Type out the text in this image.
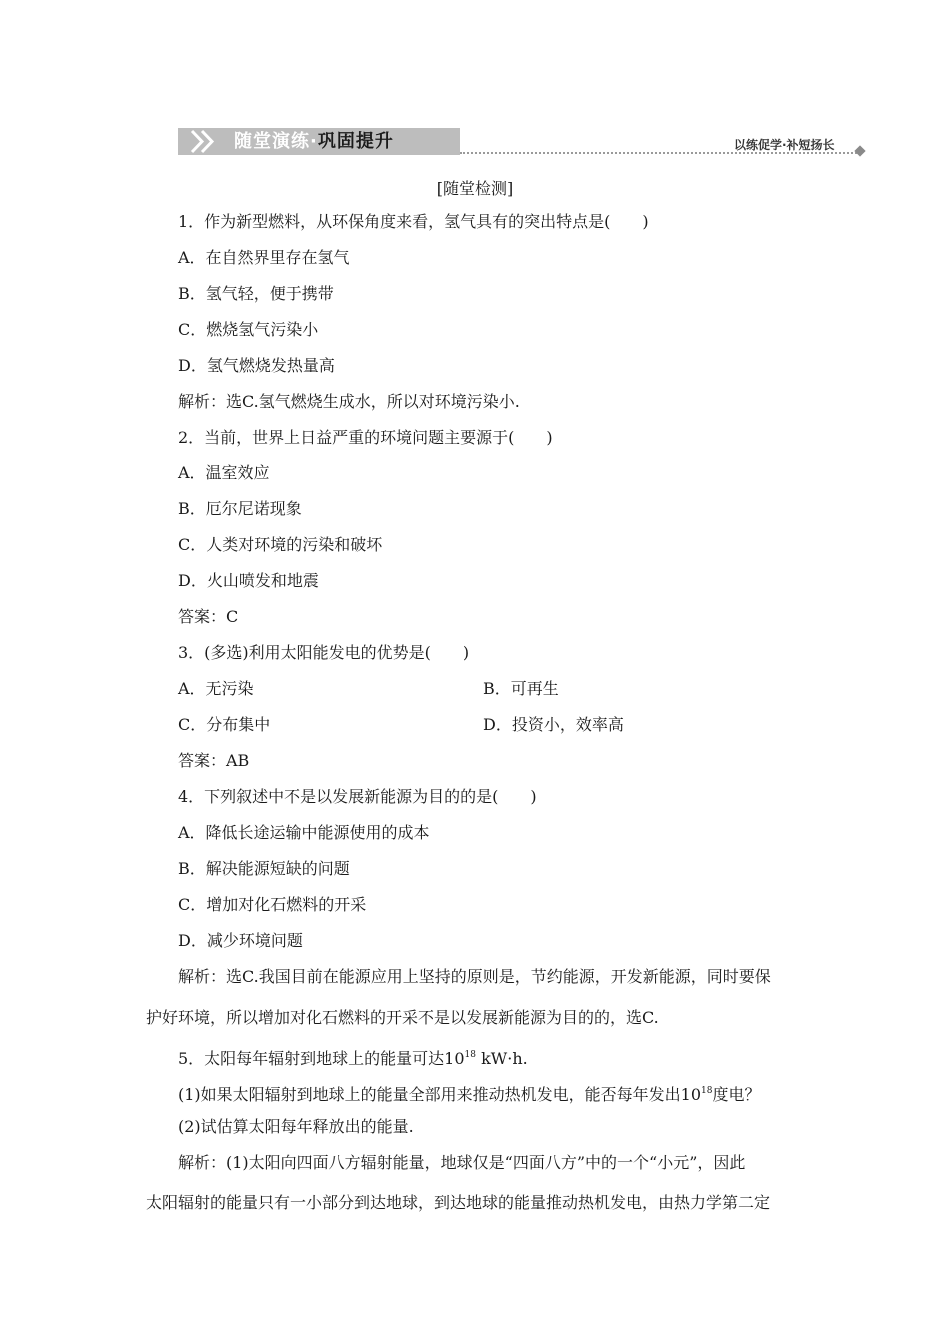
随堂演练·巩固提升	以练促学·补短扬长
[随堂检测]
1．作为新型燃料，从环保角度来看，氢气具有的突出特点是(　　)
A．在自然界里存在氢气
B．氢气轻，便于携带
C．燃烧氢气污染小
D．氢气燃烧发热量高
解析：选C.氢气燃烧生成水，所以对环境污染小.
2．当前，世界上日益严重的环境问题主要源于(　　)
A．温室效应
B．厄尔尼诺现象
C．人类对环境的污染和破坏
D．火山喷发和地震
答案：C
3．(多选)利用太阳能发电的优势是(　　)
A．无污染	B．可再生
C．分布集中	D．投资小，效率高
答案：AB
4．下列叙述中不是以发展新能源为目的的是(　　)
A．降低长途运输中能源使用的成本
B．解决能源短缺的问题
C．增加对化石燃料的开采
D．减少环境问题
解析：选C.我国目前在能源应用上坚持的原则是，节约能源，开发新能源，同时要保
护好环境，所以增加对化石燃料的开采不是以发展新能源为目的的，选C.
5．太阳每年辐射到地球上的能量可达$10^{18}$ kW·h.
(1)如果太阳辐射到地球上的能量全部用来推动热机发电，能否每年发出$10^{18}$度电？
(2)试估算太阳每年释放出的能量.
解析：(1)太阳向四面八方辐射能量，地球仅是“四面八方”中的一个“小元”，因此
太阳辐射的能量只有一小部分到达地球，到达地球的能量推动热机发电，由热力学第二定
